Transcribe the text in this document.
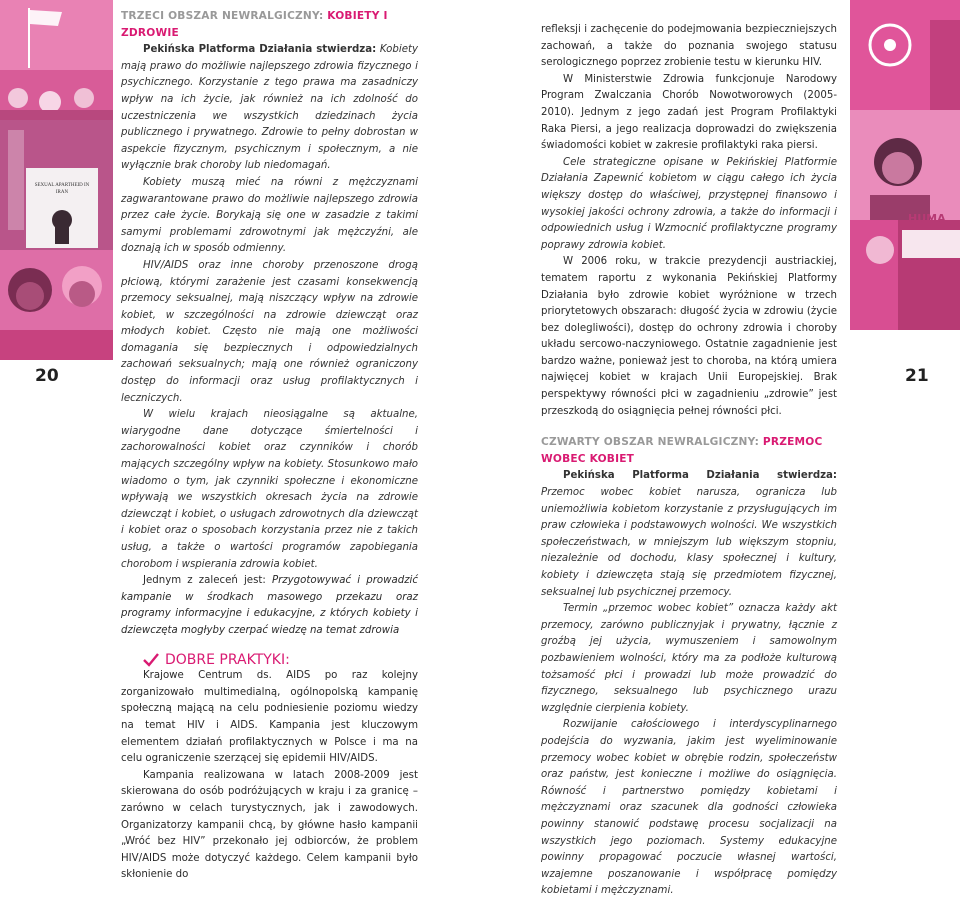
SEXUAL APARTHEID IN IRAN
20
TRZECI OBSZAR NEWRALGICZNY: KOBIETY I ZDROWIE

Pekińska Platforma Działania stwierdza: Kobiety mają prawo do możliwie najlepszego zdrowia fizycznego i psychicznego. Korzystanie z tego prawa ma zasadniczy wpływ na ich życie, jak również na ich zdolność do uczestniczenia we wszystkich dziedzinach życia publicznego i prywatnego. Zdrowie to pełny dobrostan w aspekcie fizycznym, psychicznym i społecznym, a nie wyłącznie brak choroby lub niedomagań.

Kobiety muszą mieć na równi z mężczyznami zagwarantowane prawo do możliwie najlepszego zdrowia przez całe życie. Borykają się one w zasadzie z takimi samymi problemami zdrowotnymi jak mężczyźni, ale doznają ich w sposób odmienny.

HIV/AIDS oraz inne choroby przenoszone drogą płciową, którymi zarażenie jest czasami konsekwencją przemocy seksualnej, mają niszczący wpływ na zdrowie kobiet, w szczególności na zdrowie dziewcząt oraz młodych kobiet. Często nie mają one możliwości domagania się bezpiecznych i odpowiedzialnych zachowań seksualnych; mają one również ograniczony dostęp do informacji oraz usług profilaktycznych i leczniczych.

W wielu krajach nieosiągalne są aktualne, wiarygodne dane dotyczące śmiertelności i zachorowalności kobiet oraz czynników i chorób mających szczególny wpływ na kobiety. Stosunkowo mało wiadomo o tym, jak czynniki społeczne i ekonomiczne wpływają we wszystkich okresach życia na zdrowie dziewcząt i kobiet, o usługach zdrowotnych dla dziewcząt i kobiet oraz o sposobach korzystania przez nie z takich usług, a także o wartości programów zapobiegania chorobom i wspierania zdrowia kobiet.

Jednym z zaleceń jest: Przygotowywać i prowadzić kampanie w środkach masowego przekazu oraz programy informacyjne i edukacyjne, z których kobiety i dziewczęta mogłyby czerpać wiedzę na temat zdrowia

DOBRE PRAKTYKI:

Krajowe Centrum ds. AIDS po raz kolejny zorganizowało multimedialną, ogólnopolską kampanię społeczną mającą na celu podniesienie poziomu wiedzy na temat HIV i AIDS. Kampania jest kluczowym elementem działań profilaktycznych w Polsce i ma na celu ograniczenie szerzącej się epidemii HIV/AIDS.

Kampania realizowana w latach 2008-2009 jest skierowana do osób podróżujących w kraju i za granicę – zarówno w celach turystycznych, jak i zawodowych. Organizatorzy kampanii chcą, by główne hasło kampanii „Wróć bez HIV” przekonało jej odbiorców, że problem HIV/AIDS może dotyczyć każdego. Celem kampanii było skłonienie do

refleksji i zachęcenie do podejmowania bezpieczniejszych zachowań, a także do poznania swojego statusu serologicznego poprzez zrobienie testu w kierunku HIV.

W Ministerstwie Zdrowia funkcjonuje Narodowy Program Zwalczania Chorób Nowotworowych (2005-2010). Jednym z jego zadań jest Program Profilaktyki Raka Piersi, a jego realizacja doprowadzi do zwiększenia świadomości kobiet w zakresie profilaktyki raka piersi.

Cele strategiczne opisane w Pekińskiej Platformie Działania Zapewnić kobietom w ciągu całego ich życia większy dostęp do właściwej, przystępnej finansowo i wysokiej jakości ochrony zdrowia, a także do informacji i odpowiednich usług i Wzmocnić profilaktyczne programy poprawy zdrowia kobiet.

W 2006 roku, w trakcie prezydencji austriackiej, tematem raportu z wykonania Pekińskiej Platformy Działania było zdrowie kobiet wyróżnione w trzech priorytetowych obszarach: długość życia w zdrowiu (życie bez dolegliwości), dostęp do ochrony zdrowia i choroby układu sercowo-naczyniowego. Ostatnie zagadnienie jest bardzo ważne, ponieważ jest to choroba, na którą umiera najwięcej kobiet w krajach Unii Europejskiej. Brak perspektywy równości płci w zagadnieniu „zdrowie” jest przeszkodą do osiągnięcia pełnej równości płci.

CZWARTY OBSZAR NEWRALGICZNY: PRZEMOC WOBEC KOBIET

Pekińska Platforma Działania stwierdza: Przemoc wobec kobiet narusza, ogranicza lub uniemożliwia kobietom korzystanie z przysługujących im praw człowieka i podstawowych wolności. We wszystkich społeczeństwach, w mniejszym lub większym stopniu, niezależnie od dochodu, klasy społecznej i kultury, kobiety i dziewczęta stają się przedmiotem fizycznej, seksualnej lub psychicznej przemocy.

Termin „przemoc wobec kobiet” oznacza każdy akt przemocy, zarówno publicznyjak i prywatny, łącznie z groźbą jej użycia, wymuszeniem i samowolnym pozbawieniem wolności, który ma za podłoże kulturową tożsamość płci i prowadzi lub może prowadzić do fizycznego, seksualnego lub psychicznego urazu względnie cierpienia kobiety.

Rozwijanie całościowego i interdyscyplinarnego podejścia do wyzwania, jakim jest wyeliminowanie przemocy wobec kobiet w obrębie rodzin, społeczeństw oraz państw, jest konieczne i możliwe do osiągnięcia. Równość i partnerstwo pomiędzy kobietami i mężczyznami oraz szacunek dla godności człowieka powinny stanowić podstawę procesu socjalizacji na wszystkich jego poziomach. Systemy edukacyjne powinny propagować poczucie własnej wartości, wzajemne poszanowanie i współpracę pomiędzy kobietami i mężczyznami.

HUMA
21
